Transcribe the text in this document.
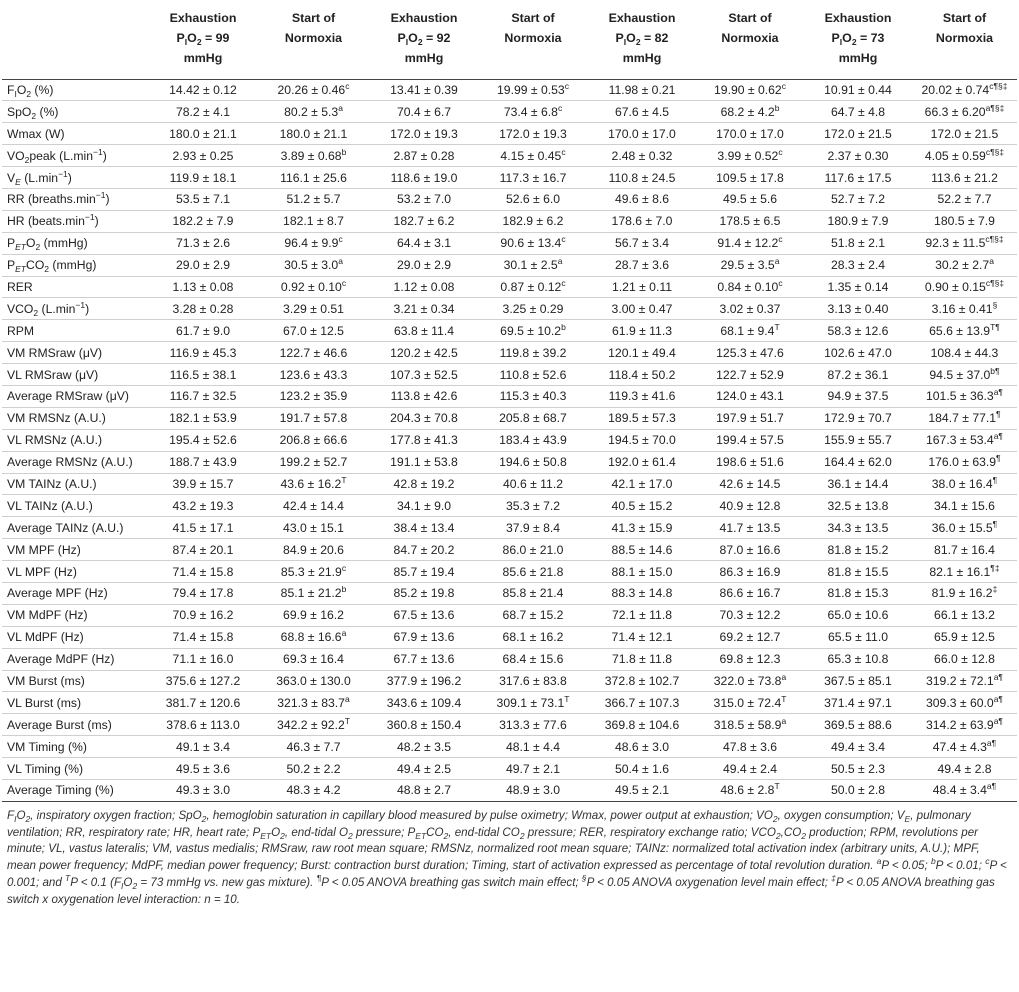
	Exhaustion
$P_IO_2 = 99$
mmHg	Start of
Normoxia	Exhaustion
$P_IO_2 = 92$
mmHg	Start of
Normoxia	Exhaustion
$P_IO_2 = 82$
mmHg	Start of
Normoxia	Exhaustion
$P_IO_2 = 73$
mmHg	Start of
Normoxia
$F_IO_2$ (%)	14.42 ± 0.12	20.26 ± 0.46$^c$	13.41 ± 0.39	19.99 ± 0.53$^c$	11.98 ± 0.21	19.90 ± 0.62$^c$	10.91 ± 0.44	$20.02 \pm 0.74^{c\P\S\ddagger}$
SpO$_2$ (%)	78.2 ± 4.1	80.2 ± 5.3$^a$	70.4 ± 6.7	73.4 ± 6.8$^c$	67.6 ± 4.5	68.2 ± 4.2$^b$	64.7 ± 4.8	$66.3 \pm 6.20^{a\P\S\ddagger}$
Wmax (W)	180.0 ± 21.1	180.0 ± 21.1	172.0 ± 19.3	172.0 ± 19.3	170.0 ± 17.0	170.0 ± 17.0	172.0 ± 21.5	172.0 ± 21.5
$VO_2peak$ $(L.\min^{-1})$	2.93 ± 0.25	3.89 ± 0.68$^b$	2.87 ± 0.28	4.15 ± 0.45$^c$	2.48 ± 0.32	3.99 ± 0.52$^c$	2.37 ± 0.30	$4.05 \pm 0.59^{c\P\S\ddagger}$
$V_E$ $(L.\min^{-1})$	119.9 ± 18.1	116.1 ± 25.6	118.6 ± 19.0	117.3 ± 16.7	110.8 ± 24.5	109.5 ± 17.8	117.6 ± 17.5	113.6 ± 21.2
RR $(breaths.\min^{-1})$	53.5 ± 7.1	51.2 ± 5.7	53.2 ± 7.0	52.6 ± 6.0	49.6 ± 8.6	49.5 ± 5.6	52.7 ± 7.2	52.2 ± 7.7
HR $(beats.\min^{-1})$	182.2 ± 7.9	182.1 ± 8.7	182.7 ± 6.2	182.9 ± 6.2	178.6 ± 7.0	178.5 ± 6.5	180.9 ± 7.9	180.5 ± 7.9
$P_{ET}O_2$ (mmHg)	71.3 ± 2.6	96.4 ± 9.9$^c$	64.4 ± 3.1	90.6 ± 13.4$^c$	56.7 ± 3.4	91.4 ± 12.2$^c$	51.8 ± 2.1	$92.3 \pm 11.5^{c\P\S\ddagger}$
$P_{ET}CO_2$ (mmHg)	29.0 ± 2.9	30.5 ± 3.0$^a$	29.0 ± 2.9	30.1 ± 2.5$^a$	28.7 ± 3.6	29.5 ± 3.5$^a$	28.3 ± 2.4	30.2 ± 2.7$^a$
RER	1.13 ± 0.08	0.92 ± 0.10$^c$	1.12 ± 0.08	0.87 ± 0.12$^c$	1.21 ± 0.11	0.84 ± 0.10$^c$	1.35 ± 0.14	$0.90 \pm 0.15^{c\P\S\ddagger}$
$VCO_2$ $(L.\min^{-1})$	3.28 ± 0.28	3.29 ± 0.51	3.21 ± 0.34	3.25 ± 0.29	3.00 ± 0.47	3.02 ± 0.37	3.13 ± 0.40	3.16 ± 0.41§
RPM	61.7 ± 9.0	67.0 ± 12.5	63.8 ± 11.4	69.5 ± 10.2$^b$	61.9 ± 11.3	$68.1 \pm 9.4^T$	58.3 ± 12.6	$65.6 \pm 13.9^{T\P}$
VM RMSraw (μV)	116.9 ± 45.3	122.7 ± 46.6	120.2 ± 42.5	119.8 ± 39.2	120.1 ± 49.4	125.3 ± 47.6	102.6 ± 47.0	108.4 ± 44.3
VL RMSraw (μV)	116.5 ± 38.1	123.6 ± 43.3	107.3 ± 52.5	110.8 ± 52.6	118.4 ± 50.2	122.7 ± 52.9	87.2 ± 36.1	$94.5 \pm 37.0^{b\P}$
Average RMSraw (μV)	116.7 ± 32.5	123.2 ± 35.9	113.8 ± 42.6	115.3 ± 40.3	119.3 ± 41.6	124.0 ± 43.1	94.9 ± 37.5	$101.5 \pm 36.3^{a\P}$
VM RMSNz (A.U.)	182.1 ± 53.9	191.7 ± 57.8	204.3 ± 70.8	205.8 ± 68.7	189.5 ± 57.3	197.9 ± 51.7	172.9 ± 70.7	184.7 ± 77.1¶
VL RMSNz (A.U.)	195.4 ± 52.6	206.8 ± 66.6	177.8 ± 41.3	183.4 ± 43.9	194.5 ± 70.0	199.4 ± 57.5	155.9 ± 55.7	$167.3 \pm 53.4^{a\P}$
Average RMSNz (A.U.)	188.7 ± 43.9	199.2 ± 52.7	191.1 ± 53.8	194.6 ± 50.8	192.0 ± 61.4	198.6 ± 51.6	164.4 ± 62.0	176.0 ± 63.9¶
VM TAINz (A.U.)	39.9 ± 15.7	$43.6 \pm 16.2^T$	42.8 ± 19.2	40.6 ± 11.2	42.1 ± 17.0	42.6 ± 14.5	36.1 ± 14.4	38.0 ± 16.4¶
VL TAINz (A.U.)	43.2 ± 19.3	42.4 ± 14.4	34.1 ± 9.0	35.3 ± 7.2	40.5 ± 15.2	40.9 ± 12.8	32.5 ± 13.8	34.1 ± 15.6
Average TAINz (A.U.)	41.5 ± 17.1	43.0 ± 15.1	38.4 ± 13.4	37.9 ± 8.4	41.3 ± 15.9	41.7 ± 13.5	34.3 ± 13.5	36.0 ± 15.5¶
VM MPF (Hz)	87.4 ± 20.1	84.9 ± 20.6	84.7 ± 20.2	86.0 ± 21.0	88.5 ± 14.6	87.0 ± 16.6	81.8 ± 15.2	81.7 ± 16.4
VL MPF (Hz)	71.4 ± 15.8	85.3 ± 21.9$^c$	85.7 ± 19.4	85.6 ± 21.8	88.1 ± 15.0	86.3 ± 16.9	81.8 ± 15.5	82.1 ± 16.1¶‡
Average MPF (Hz)	79.4 ± 17.8	85.1 ± 21.2$^b$	85.2 ± 19.8	85.8 ± 21.4	88.3 ± 14.8	86.6 ± 16.7	81.8 ± 15.3	81.9 ± 16.2‡
VM MdPF (Hz)	70.9 ± 16.2	69.9 ± 16.2	67.5 ± 13.6	68.7 ± 15.2	72.1 ± 11.8	70.3 ± 12.2	65.0 ± 10.6	66.1 ± 13.2
VL MdPF (Hz)	71.4 ± 15.8	68.8 ± 16.6$^a$	67.9 ± 13.6	68.1 ± 16.2	71.4 ± 12.1	69.2 ± 12.7	65.5 ± 11.0	65.9 ± 12.5
Average MdPF (Hz)	71.1 ± 16.0	69.3 ± 16.4	67.7 ± 13.6	68.4 ± 15.6	71.8 ± 11.8	69.8 ± 12.3	65.3 ± 10.8	66.0 ± 12.8
VM Burst (ms)	375.6 ± 127.2	363.0 ± 130.0	377.9 ± 196.2	317.6 ± 83.8	372.8 ± 102.7	322.0 ± 73.8$^a$	367.5 ± 85.1	$319.2 \pm 72.1^{a\P}$
VL Burst (ms)	381.7 ± 120.6	321.3 ± 83.7$^a$	343.6 ± 109.4	$309.1 \pm 73.1^T$	366.7 ± 107.3	$315.0 \pm 72.4^T$	371.4 ± 97.1	$309.3 \pm 60.0^{a\P}$
Average Burst (ms)	378.6 ± 113.0	$342.2 \pm 92.2^T$	360.8 ± 150.4	313.3 ± 77.6	369.8 ± 104.6	318.5 ± 58.9$^a$	369.5 ± 88.6	$314.2 \pm 63.9^{a\P}$
VM Timing (%)	49.1 ± 3.4	46.3 ± 7.7	48.2 ± 3.5	48.1 ± 4.4	48.6 ± 3.0	47.8 ± 3.6	49.4 ± 3.4	$47.4 \pm 4.3^{a\P}$
VL Timing (%)	49.5 ± 3.6	50.2 ± 2.2	49.4 ± 2.5	49.7 ± 2.1	50.4 ± 1.6	49.4 ± 2.4	50.5 ± 2.3	49.4 ± 2.8
Average Timing (%)	49.3 ± 3.0	48.3 ± 4.2	48.8 ± 2.7	48.9 ± 3.0	49.5 ± 2.1	$48.6 \pm 2.8^T$	50.0 ± 2.8	$48.4 \pm 3.4^{a\P}$
$F_IO_2$, inspiratory oxygen fraction; SpO$_2$, hemoglobin saturation in capillary blood measured by pulse oximetry; Wmax, power output at exhaustion; $VO_2$, oxygen consumption; $V_E$, pulmonary ventilation; RR, respiratory rate; HR, heart rate; $P_{ET}O_2$, end-tidal $O_2$ pressure; $P_{ET}CO_2$, end-tidal $CO_2$ pressure; RER, respiratory exchange ratio; $VCO_2,CO_2$ production; RPM, revolutions per minute; VL, vastus lateralis; VM, vastus medialis; RMSraw, raw root mean square; RMSNz, normalized root mean square; TAINz: normalized total activation index (arbitrary units, A.U.); MPF, mean power frequency; MdPF, median power frequency; Burst: contraction burst duration; Timing, start of activation expressed as percentage of total revolution duration. $^a$P < 0.05; $^b$P < 0.01; $^c$P < 0.001; and $^T$P < 0.1 ($F_IO_2 = 73$ mmHg vs. new gas mixture). ¶P < 0.05 ANOVA breathing gas switch main effect; §P < 0.05 ANOVA oxygenation level main effect; ‡P < 0.05 ANOVA breathing gas switch x oxygenation level interaction: n = 10.
